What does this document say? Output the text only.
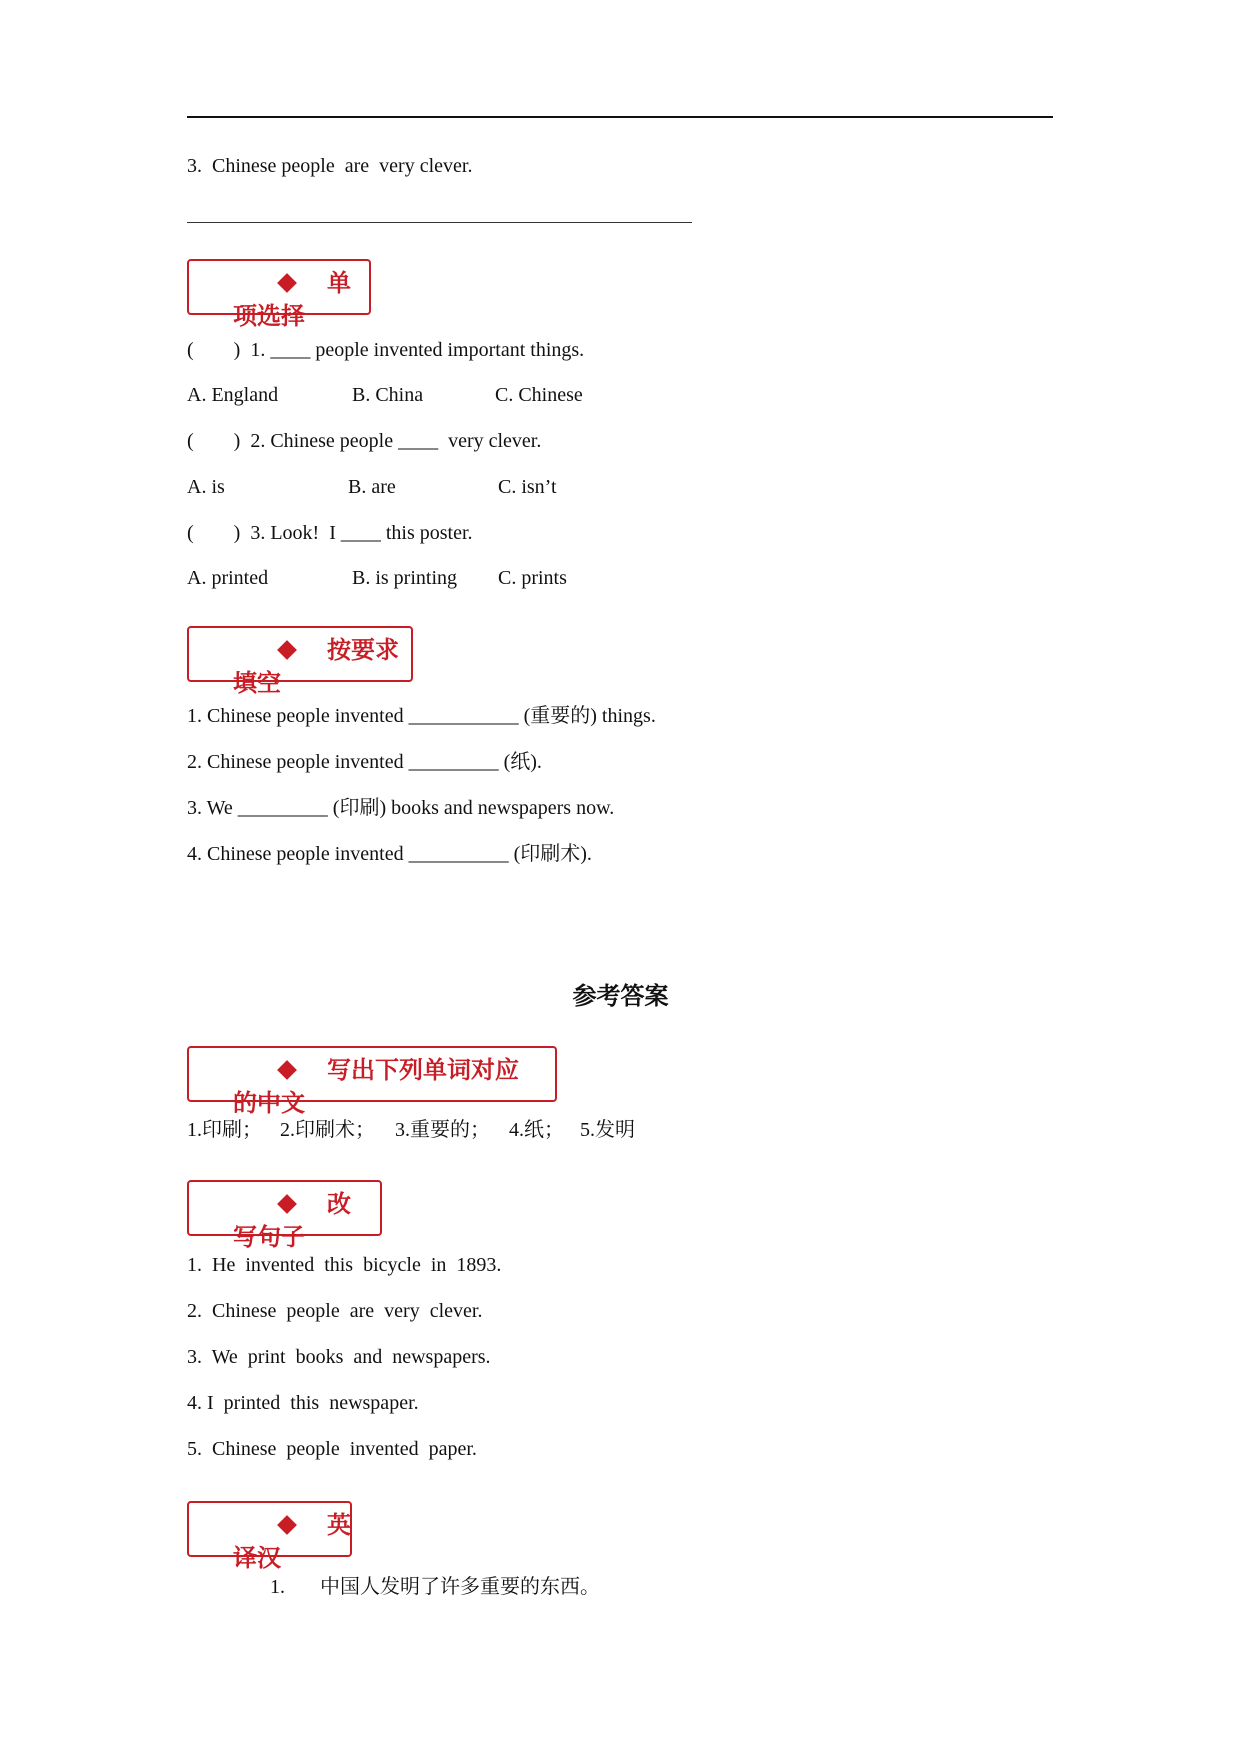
3.  Chinese people  are  very clever.
单
项选择
(        )  1. ____ people invented important things.
A. England	B. China	C. Chinese
(        )  2. Chinese people ____  very clever.
A. is	B. are	C. isn’t
(        )  3. Look!  I ____ this poster.
A. printed	B. is printing C. prints
按要求
填空
1. Chinese people invented ___________ (重要的) things.
2. Chinese people invented _________ (纸).
3. We _________ (印刷) books and newspapers now.
4. Chinese people invented __________ (印刷术).
参考答案
写出下列单词对应
的中文
1.印刷； 2.印刷术； 3.重要的； 4.纸； 5.发明
改
写句子
1.  He  invented  this  bicycle  in  1893.
2.  Chinese  people  are  very  clever.
3.  We  print  books  and  newspapers.
4. I  printed  this  newspaper.
5.  Chinese  people  invented  paper.
英
译汉
1. 中国人发明了许多重要的东西。
